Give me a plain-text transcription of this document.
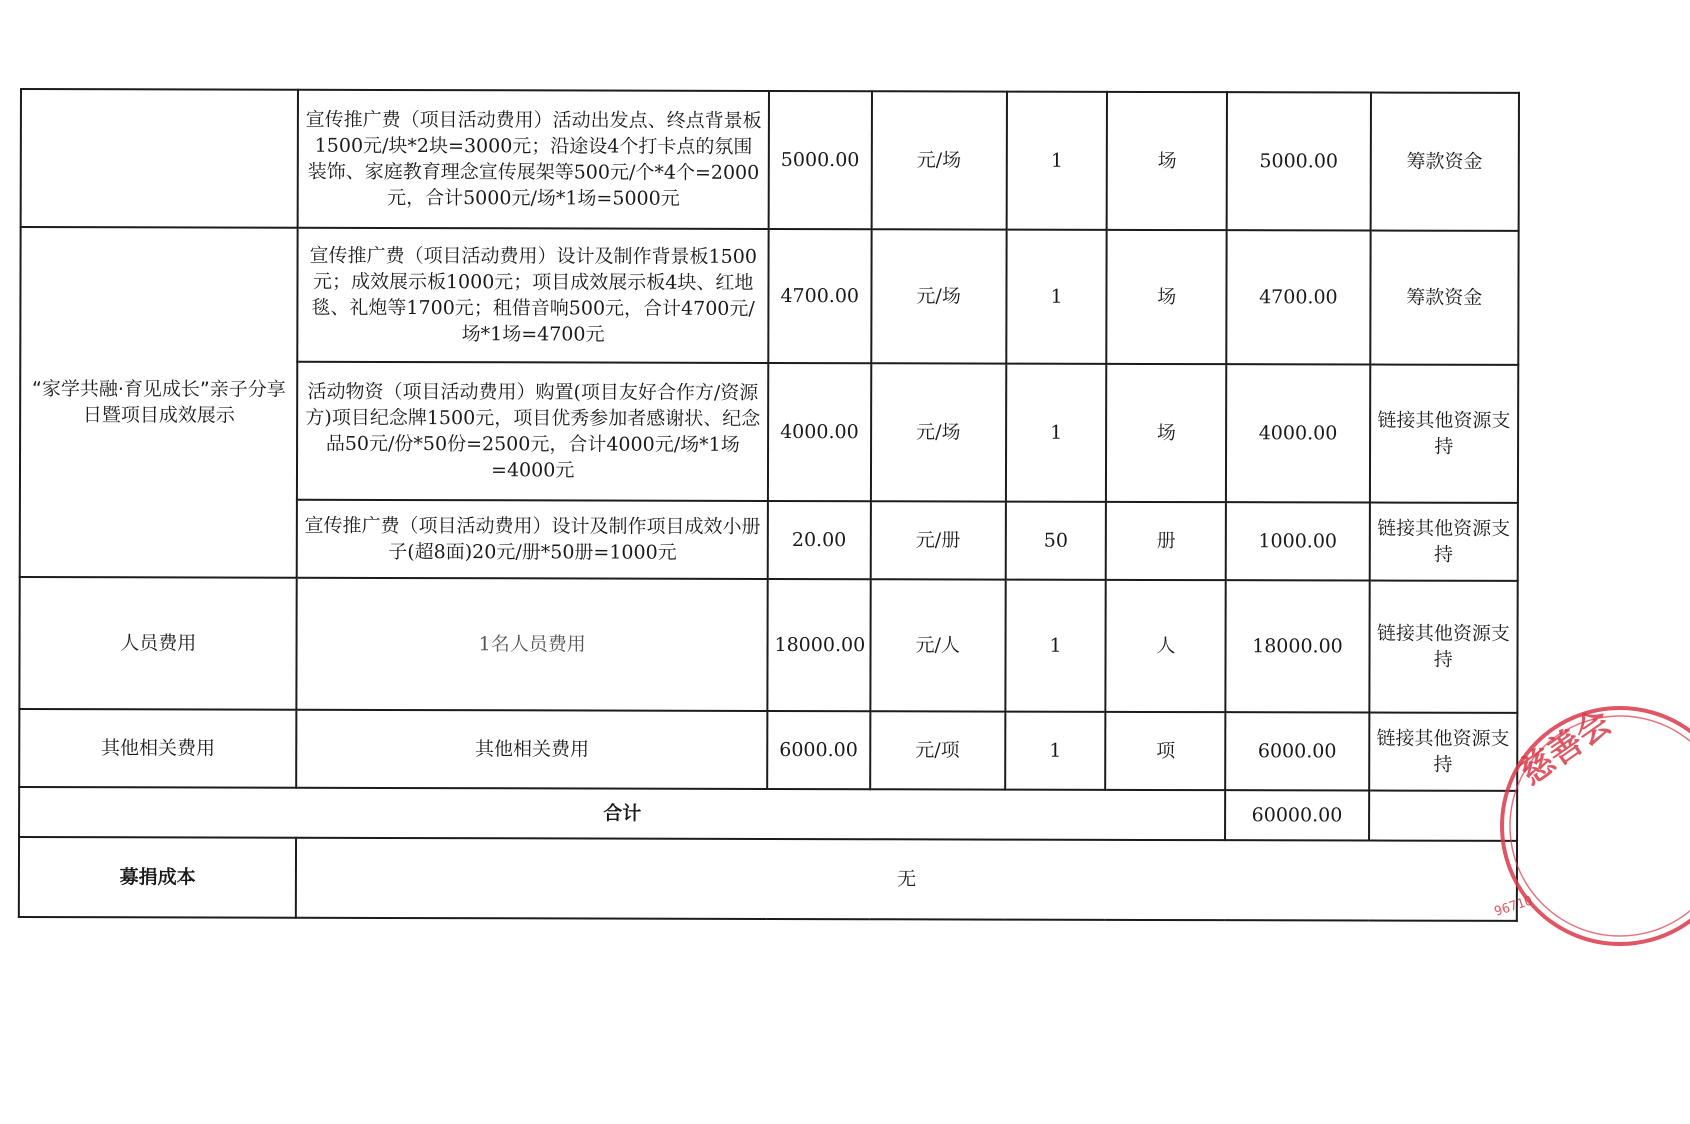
	宣传推广费（项目活动费用）活动出发点、终点背景板1500元/块*2块=3000元；沿途设4个打卡点的氛围装饰、家庭教育理念宣传展架等500元/个*4个=2000元，合计5000元/场*1场=5000元	5000.00	元/场	1	场	5000.00	筹款资金
“家学共融·育见成长”亲子分享日暨项目成效展示	宣传推广费（项目活动费用）设计及制作背景板1500元；成效展示板1000元；项目成效展示板4块、红地毯、礼炮等1700元；租借音响500元，合计4700元/场*1场=4700元	4700.00	元/场	1	场	4700.00	筹款资金
	活动物资（项目活动费用）购置(项目友好合作方/资源方)项目纪念牌1500元，项目优秀参加者感谢状、纪念品50元/份*50份=2500元，合计4000元/场*1场=4000元	4000.00	元/场	1	场	4000.00	链接其他资源支持
	宣传推广费（项目活动费用）设计及制作项目成效小册子(超8面)20元/册*50册=1000元	20.00	元/册	50	册	1000.00	链接其他资源支持
人员费用	1名人员费用	18000.00	元/人	1	人	18000.00	链接其他资源支持
其他相关费用	其他相关费用	6000.00	元/项	1	项	6000.00	链接其他资源支持
合计						60000.00	
募捐成本	无						
慈善会
96710
